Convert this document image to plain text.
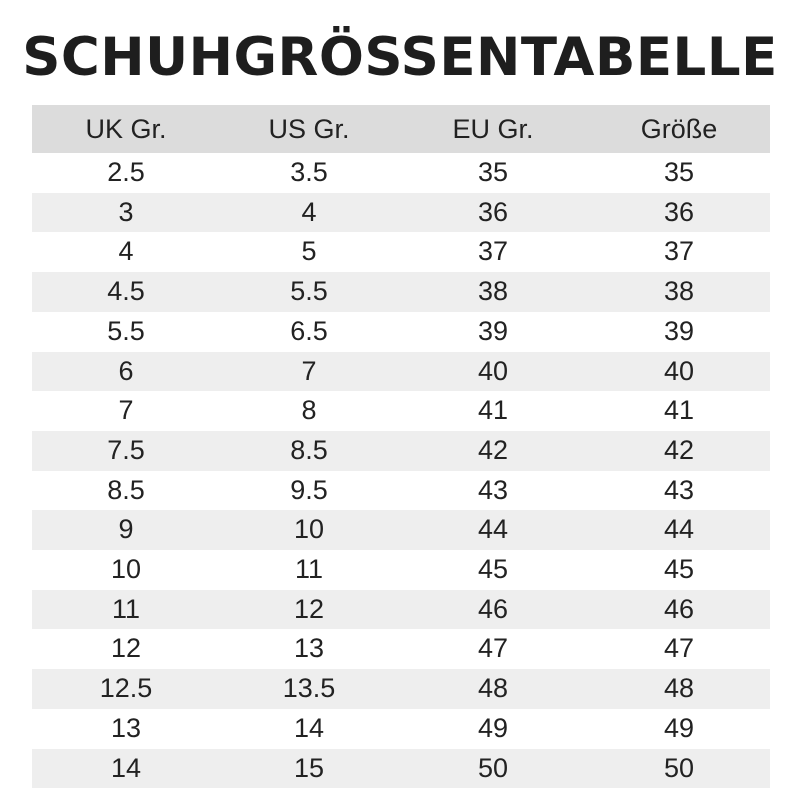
SCHUHGRÖSSENTABELLE
UK Gr.	US Gr.	EU Gr.	Größe
2.5	3.5	35	35
3	4	36	36
4	5	37	37
4.5	5.5	38	38
5.5	6.5	39	39
6	7	40	40
7	8	41	41
7.5	8.5	42	42
8.5	9.5	43	43
9	10	44	44
10	11	45	45
11	12	46	46
12	13	47	47
12.5	13.5	48	48
13	14	49	49
14	15	50	50
